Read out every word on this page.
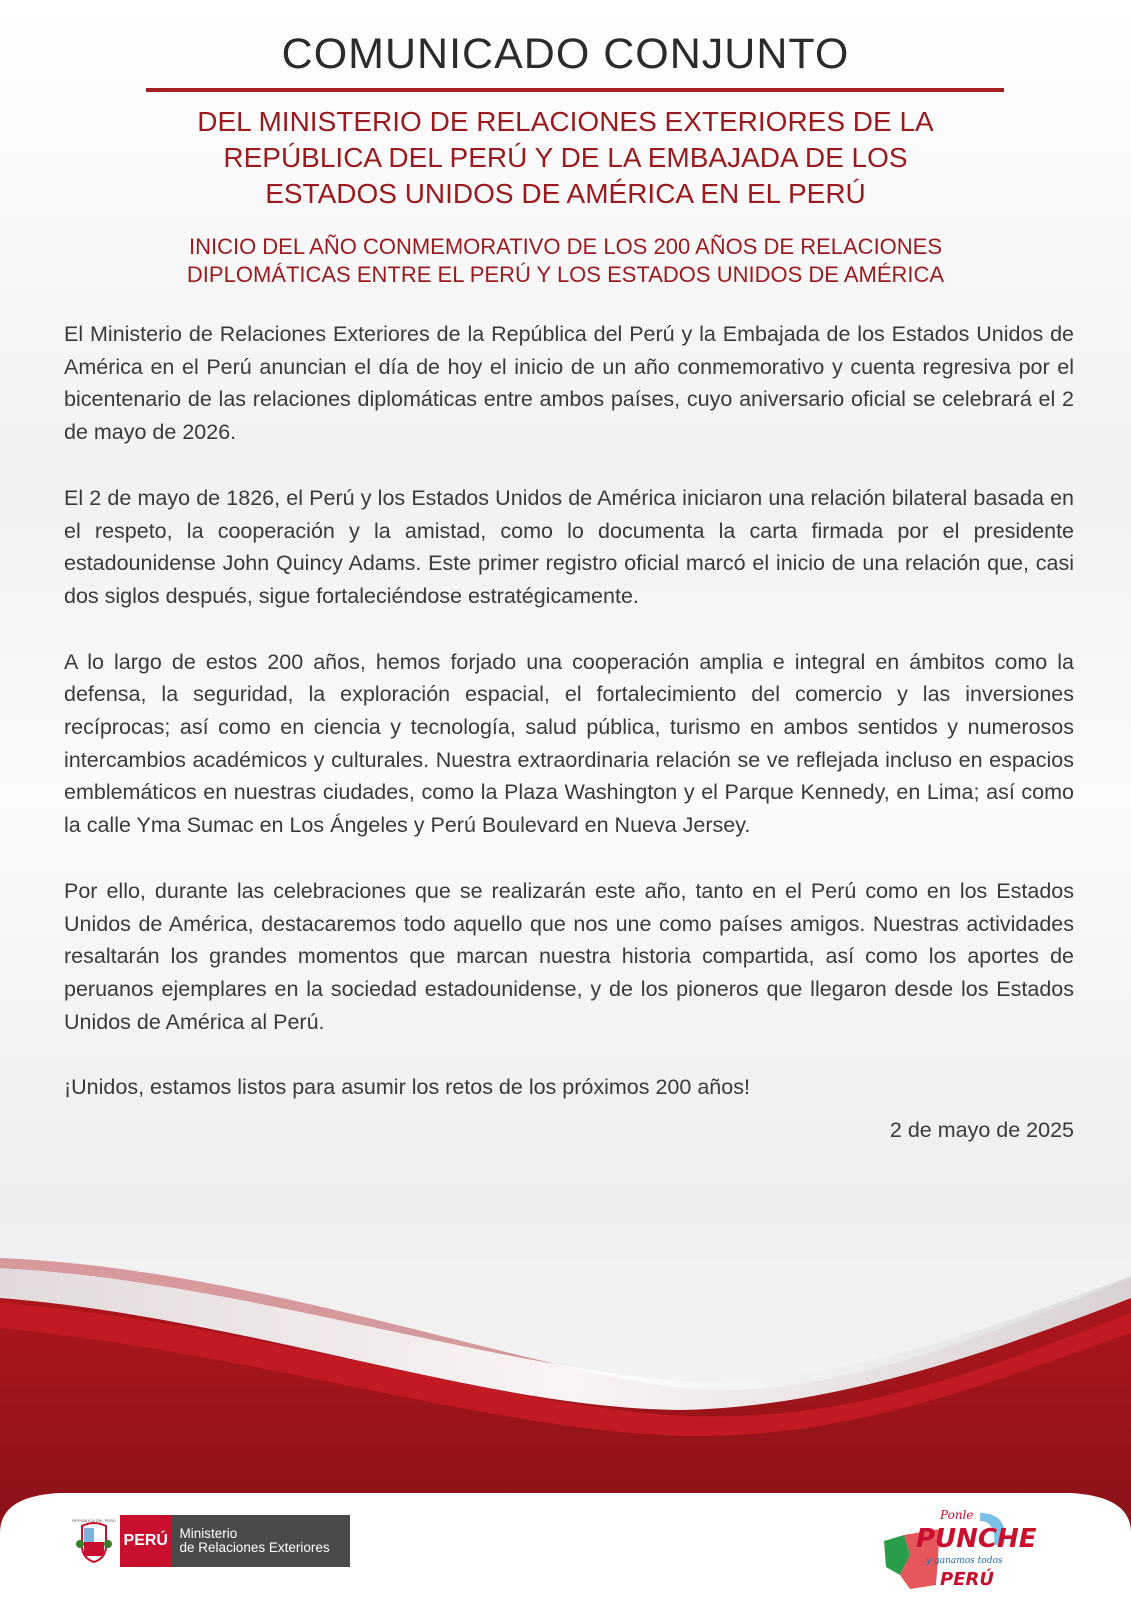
COMUNICADO CONJUNTO
DEL MINISTERIO DE RELACIONES EXTERIORES DE LA
REPÚBLICA DEL PERÚ Y DE LA EMBAJADA DE LOS
ESTADOS UNIDOS DE AMÉRICA EN EL PERÚ
INICIO DEL AÑO CONMEMORATIVO DE LOS 200 AÑOS DE RELACIONES
DIPLOMÁTICAS ENTRE EL PERÚ Y LOS ESTADOS UNIDOS DE AMÉRICA

El Ministerio de Relaciones Exteriores de la República del Perú y la Embajada de los Estados Unidos de América en el Perú anuncian el día de hoy el inicio de un año conmemorativo y cuenta regresiva por el bicentenario de las relaciones diplomáticas entre ambos países, cuyo aniversario oficial se celebrará el 2 de mayo de 2026.

El 2 de mayo de 1826, el Perú y los Estados Unidos de América iniciaron una relación bilateral basada en el respeto, la cooperación y la amistad, como lo documenta la carta firmada por el presidente estadounidense John Quincy Adams. Este primer registro oficial marcó el inicio de una relación que, casi dos siglos después, sigue fortaleciéndose estratégicamente.

A lo largo de estos 200 años, hemos forjado una cooperación amplia e integral en ámbitos como la defensa, la seguridad, la exploración espacial, el fortalecimiento del comercio y las inversiones recíprocas; así como en ciencia y tecnología, salud pública, turismo en ambos sentidos y numerosos intercambios académicos y culturales. Nuestra extraordinaria relación se ve reflejada incluso en espacios emblemáticos en nuestras ciudades, como la Plaza Washington y el Parque Kennedy, en Lima; así como la calle Yma Sumac en Los Ángeles y Perú Boulevard en Nueva Jersey.

Por ello, durante las celebraciones que se realizarán este año, tanto en el Perú como en los Estados Unidos de América, destacaremos todo aquello que nos une como países amigos. Nuestras actividades resaltarán los grandes momentos que marcan nuestra historia compartida, así como los aportes de peruanos ejemplares en la sociedad estadounidense, y de los pioneros que llegaron desde los Estados Unidos de América al Perú.

¡Unidos, estamos listos para asumir los retos de los próximos 200 años!

2 de mayo de 2025
REPÚBLICA DEL PERÚ
PERÚ Ministerio
de Relaciones Exteriores
Ponle
PUNCHE
y ganamos todos
PERÚ
